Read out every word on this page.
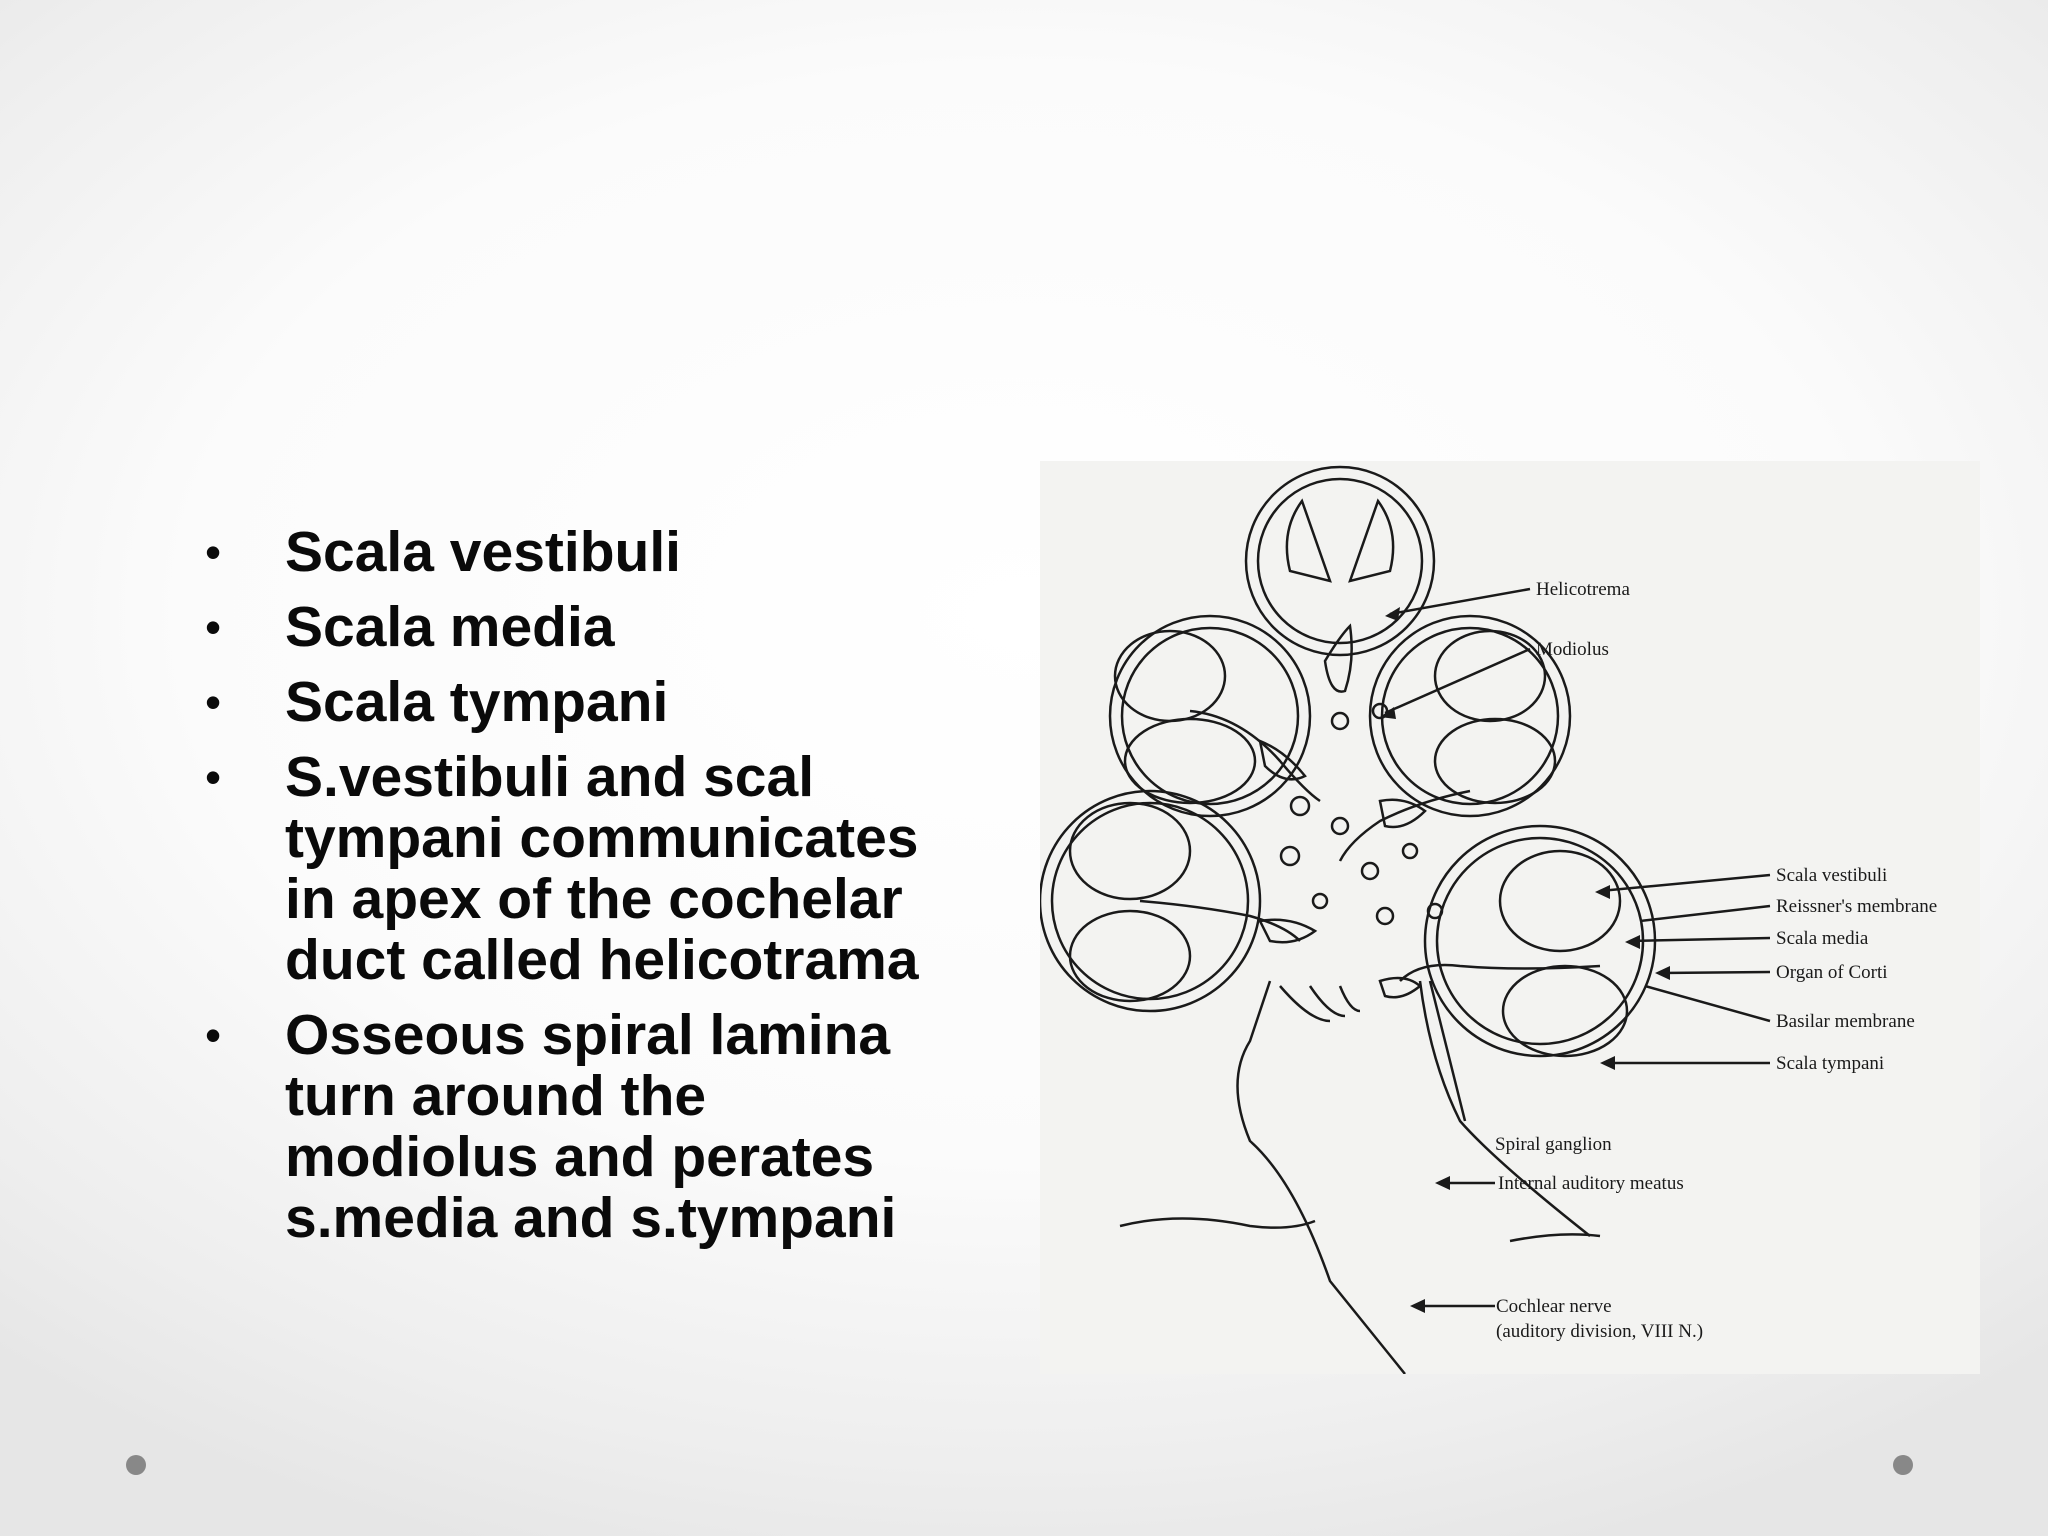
• Scala vestibuli
• Scala media
• Scala tympani
• S.vestibuli and scal
tympani communicates
in apex of the cochelar
duct called helicotrama
• Osseous spiral lamina
turn around the
modiolus and perates
s.media and s.tympani
Helicotrema
Modiolus
Scala vestibuli
Reissner's membrane
Scala media
Organ of Corti
Basilar membrane
Scala tympani
Spiral ganglion
Internal auditory meatus
Cochlear nerve
(auditory division, VIII N.)
